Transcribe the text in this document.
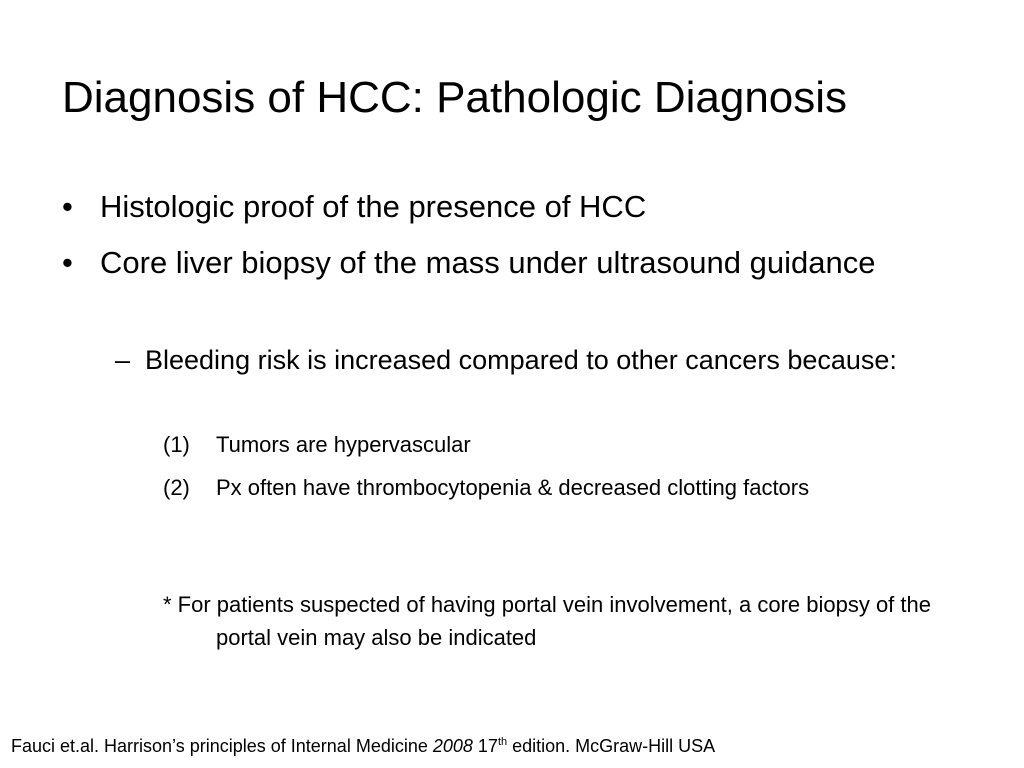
Diagnosis of HCC: Pathologic Diagnosis
• Histologic proof of the presence of HCC
• Core liver biopsy of the mass under ultrasound guidance
– Bleeding risk is increased compared to other cancers because:
(1) Tumors are hypervascular
(2) Px often have thrombocytopenia & decreased clotting factors
* For patients suspected of having portal vein involvement, a core biopsy of the portal vein may also be indicated
Fauci et.al. Harrison’s principles of Internal Medicine 2008 17th edition. McGraw-Hill USA
